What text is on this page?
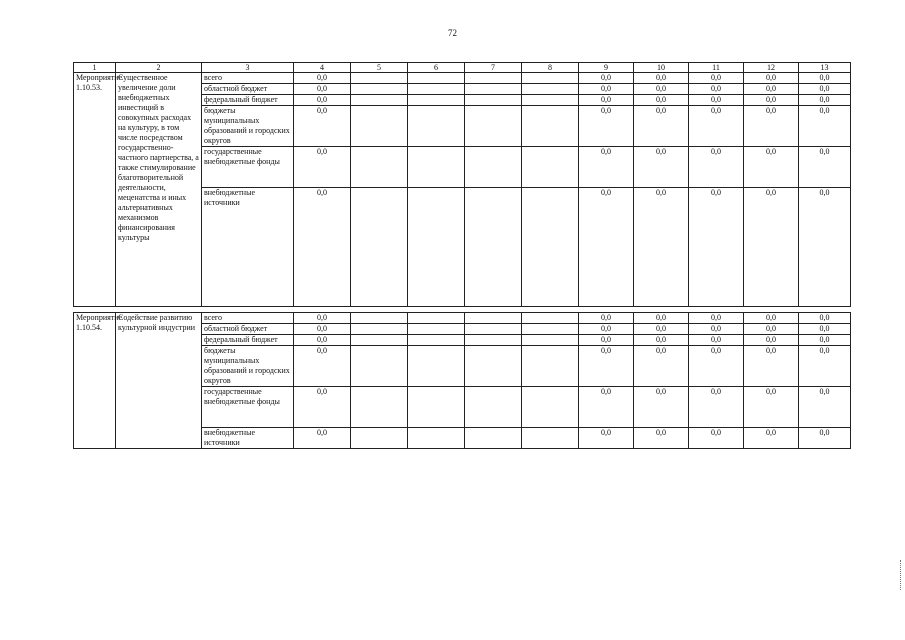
72
1	2	3	4	5	6	7	8	9	10	11	12	13
Мероприятие 1.10.53.	Существенное увеличение доли внебюджетных инвестиций в совокупных расходах на культуру, в том числе посредством государственно-частного партнерства, а также стимулирование благотворительной деятельности, меценатства и иных альтернативных механизмов финансирования культуры	всего	0,0					0,0	0,0	0,0	0,0	0,0
		областной бюджет	0,0					0,0	0,0	0,0	0,0	0,0
		федеральный бюджет	0,0					0,0	0,0	0,0	0,0	0,0
		бюджеты муниципальных образований и городских округов	0,0					0,0	0,0	0,0	0,0	0,0
		государственные внебюджетные фонды	0,0					0,0	0,0	0,0	0,0	0,0
		внебюджетные источники	0,0					0,0	0,0	0,0	0,0	0,0

Мероприятие 1.10.54.	Содействие развитию культурной индустрии	всего	0,0					0,0	0,0	0,0	0,0	0,0
		областной бюджет	0,0					0,0	0,0	0,0	0,0	0,0
		федеральный бюджет	0,0					0,0	0,0	0,0	0,0	0,0
		бюджеты муниципальных образований и городских округов	0,0					0,0	0,0	0,0	0,0	0,0
		государственные внебюджетные фонды	0,0					0,0	0,0	0,0	0,0	0,0
		внебюджетные источники	0,0					0,0	0,0	0,0	0,0	0,0
